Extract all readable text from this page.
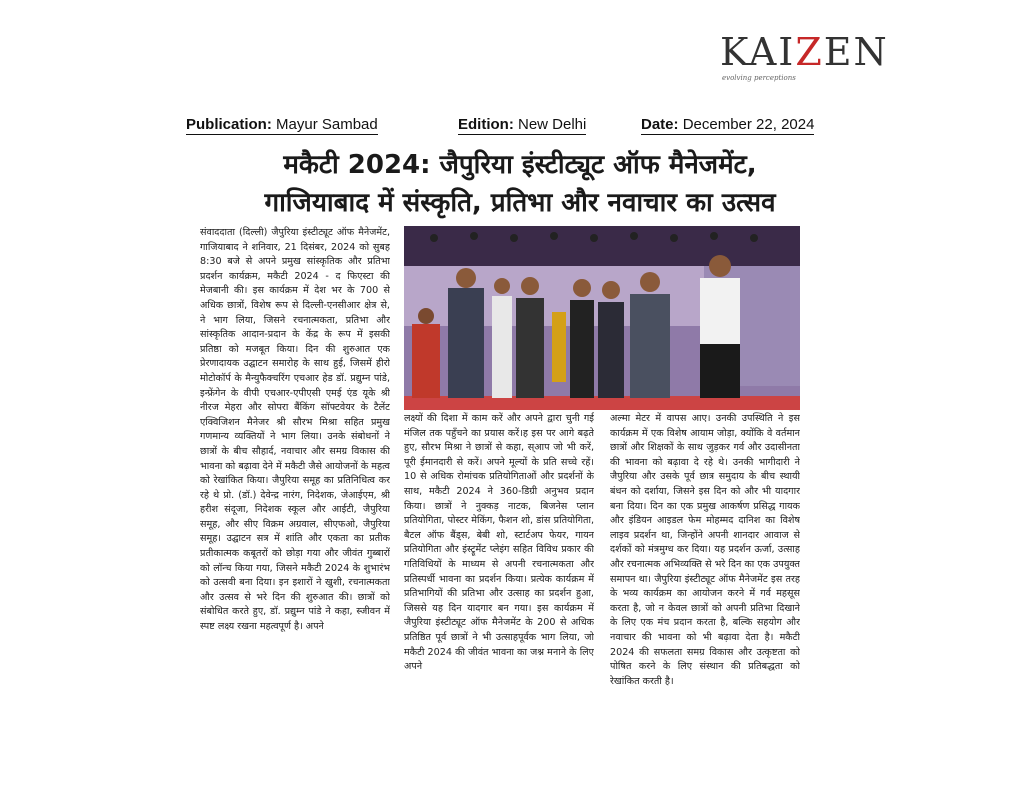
KAIZEN
evolving perceptions
Publication: Mayur Sambad	Edition: New Delhi	Date: December 22, 2024
मकैटी 2024: जैपुरिया इंस्टीट्यूट ऑफ मैनेजमेंट,
गाजियाबाद में संस्कृति, प्रतिभा और नवाचार का उत्सव
संवाददाता (दिल्ली) जैपुरिया इंस्टीट्यूट ऑफ मैनेजमेंट, गाजियाबाद ने शनिवार, 21 दिसंबर, 2024 को सुबह 8:30 बजे से अपने प्रमुख सांस्कृतिक और प्रतिभा प्रदर्शन कार्यक्रम, मकैटी 2024 - द फिएस्टा की मेजबानी की। इस कार्यक्रम में देश भर के 700 से अधिक छात्रों, विशेष रूप से दिल्ली-एनसीआर क्षेत्र से, ने भाग लिया, जिसने रचनात्मकता, प्रतिभा और सांस्कृतिक आदान-प्रदान के केंद्र के रूप में इसकी प्रतिष्ठा को मजबूत किया। दिन की शुरुआत एक प्रेरणादायक उद्घाटन समारोह के साथ हुई, जिसमें हीरो मोटोकॉर्प के मैन्युफैक्चरिंग एचआर हेड डॉ. प्रद्युम्न पांडे, इन्फ्रेंगेन के वीपी एचआर-एपीएसी एमई एंड यूके श्री नीरज मेहरा और सोपरा बैंकिंग सॉफ्टवेयर के टैलेंट एक्विजिशन मैनेजर श्री सौरभ मिश्रा सहित प्रमुख गणमान्य व्यक्तियों ने भाग लिया। उनके संबोधनों ने छात्रों के बीच सौहार्द, नवाचार और समग्र विकास की भावना को बढ़ावा देने में मकैटी जैसे आयोजनों के महत्व को रेखांकित किया। जैपुरिया समूह का प्रतिनिधित्व कर रहे थे प्रो. (डॉ.) देवेन्द्र नारंग, निदेशक, जेआईएम, श्री हरीश संदूजा, निदेशक स्कूल और आईटी, जैपुरिया समूह, और सीए विक्रम अग्रवाल, सीएफओ, जैपुरिया समूह। उद्घाटन सत्र में शांति और एकता का प्रतीक प्रतीकात्मक कबूतरों को छोड़ा गया और जीवंत गुब्बारों को लॉन्च किया गया, जिसने मकैटी 2024 के शुभारंभ को उत्सवी बना दिया। इन इशारों ने खुशी, रचनात्मकता और उत्सव से भरे दिन की शुरुआत की। छात्रों को संबोधित करते हुए, डॉ. प्रद्युम्न पांडे ने कहा, स्जीवन में स्पष्ट लक्ष्य रखना महत्वपूर्ण है। अपने
लक्ष्यों की दिशा में काम करें और अपने द्वारा चुनी गई मंजिल तक पहुँचने का प्रयास करें।ह इस पर आगे बढ़ते हुए, सौरभ मिश्रा ने छात्रों से कहा, स्आप जो भी करें, पूरी ईमानदारी से करें। अपने मूल्यों के प्रति सच्चे रहें। 10 से अधिक रोमांचक प्रतियोगिताओं और प्रदर्शनों के साथ, मकैटी 2024 ने 360-डिग्री अनुभव प्रदान किया। छात्रों ने नुक्कड़ नाटक, बिजनेस प्लान प्रतियोगिता, पोस्टर मेकिंग, फैशन शो, डांस प्रतियोगिता, बैटल ऑफ बैंड्स, बेबी शो, स्टार्टअप फेयर, गायन प्रतियोगिता और इंस्ट्रूमेंट प्लेइंग सहित विविध प्रकार की गतिविधियों के माध्यम से अपनी रचनात्मकता और प्रतिस्पर्धी भावना का प्रदर्शन किया। प्रत्येक कार्यक्रम में प्रतिभागियों की प्रतिभा और उत्साह का प्रदर्शन हुआ, जिससे यह दिन यादगार बन गया। इस कार्यक्रम में जैपुरिया इंस्टीट्यूट ऑफ मैनेजमेंट के 200 से अधिक प्रतिष्ठित पूर्व छात्रों ने भी उत्साहपूर्वक भाग लिया, जो मकैटी 2024 की जीवंत भावना का जश्न मनाने के लिए अपने
अल्मा मेटर में वापस आए। उनकी उपस्थिति ने इस कार्यक्रम में एक विशेष आयाम जोड़ा, क्योंकि वे वर्तमान छात्रों और शिक्षकों के साथ जुड़कर गर्व और उदासीनता की भावना को बढ़ावा दे रहे थे। उनकी भागीदारी ने जैपुरिया और उसके पूर्व छात्र समुदाय के बीच स्थायी बंधन को दर्शाया, जिसने इस दिन को और भी यादगार बना दिया। दिन का एक प्रमुख आकर्षण प्रसिद्ध गायक और इंडियन आइडल फेम मोहम्मद दानिश का विशेष लाइव प्रदर्शन था, जिन्होंने अपनी शानदार आवाज से दर्शकों को मंत्रमुग्ध कर दिया। यह प्रदर्शन ऊर्जा, उत्साह और रचनात्मक अभिव्यक्ति से भरे दिन का एक उपयुक्त समापन था। जैपुरिया इंस्टीट्यूट ऑफ मैनेजमेंट इस तरह के भव्य कार्यक्रम का आयोजन करने में गर्व महसूस करता है, जो न केवल छात्रों को अपनी प्रतिभा दिखाने के लिए एक मंच प्रदान करता है, बल्कि सहयोग और नवाचार की भावना को भी बढ़ावा देता है। मकैटी 2024 की सफलता समग्र विकास और उत्कृष्टता को पोषित करने के लिए संस्थान की प्रतिबद्धता को रेखांकित करती है।
